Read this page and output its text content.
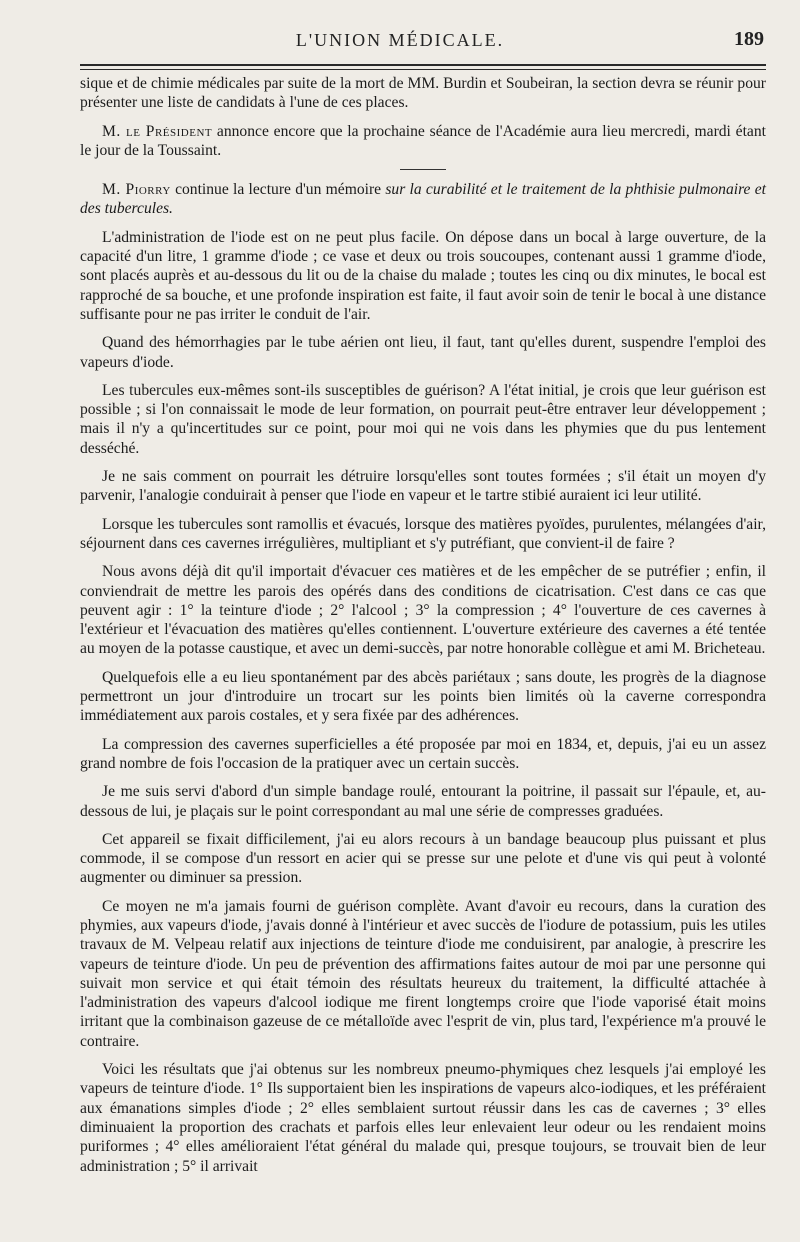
L'UNION MÉDICALE.	189

sique et de chimie médicales par suite de la mort de MM. Burdin et Soubeiran, la section devra se réunir pour présenter une liste de candidats à l'une de ces places.

M. le Président annonce encore que la prochaine séance de l'Académie aura lieu mercredi, mardi étant le jour de la Toussaint.

M. Piorry continue la lecture d'un mémoire sur la curabilité et le traitement de la phthisie pulmonaire et des tubercules.

L'administration de l'iode est on ne peut plus facile. On dépose dans un bocal à large ouverture, de la capacité d'un litre, 1 gramme d'iode ; ce vase et deux ou trois soucoupes, contenant aussi 1 gramme d'iode, sont placés auprès et au-dessous du lit ou de la chaise du malade ; toutes les cinq ou dix minutes, le bocal est rapproché de sa bouche, et une profonde inspiration est faite, il faut avoir soin de tenir le bocal à une distance suffisante pour ne pas irriter le conduit de l'air.

Quand des hémorrhagies par le tube aérien ont lieu, il faut, tant qu'elles durent, suspendre l'emploi des vapeurs d'iode.

Les tubercules eux-mêmes sont-ils susceptibles de guérison? A l'état initial, je crois que leur guérison est possible ; si l'on connaissait le mode de leur formation, on pourrait peut-être entraver leur développement ; mais il n'y a qu'incertitudes sur ce point, pour moi qui ne vois dans les phymies que du pus lentement desséché.

Je ne sais comment on pourrait les détruire lorsqu'elles sont toutes formées ; s'il était un moyen d'y parvenir, l'analogie conduirait à penser que l'iode en vapeur et le tartre stibié auraient ici leur utilité.

Lorsque les tubercules sont ramollis et évacués, lorsque des matières pyoïdes, purulentes, mélangées d'air, séjournent dans ces cavernes irrégulières, multipliant et s'y putréfiant, que convient-il de faire ?

Nous avons déjà dit qu'il importait d'évacuer ces matières et de les empêcher de se putréfier ; enfin, il conviendrait de mettre les parois des opérés dans des conditions de cicatrisation. C'est dans ce cas que peuvent agir : 1° la teinture d'iode ; 2° l'alcool ; 3° la compression ; 4° l'ouverture de ces cavernes à l'extérieur et l'évacuation des matières qu'elles contiennent. L'ouverture extérieure des cavernes a été tentée au moyen de la potasse caustique, et avec un demi-succès, par notre honorable collègue et ami M. Bricheteau.

Quelquefois elle a eu lieu spontanément par des abcès pariétaux ; sans doute, les progrès de la diagnose permettront un jour d'introduire un trocart sur les points bien limités où la caverne correspondra immédiatement aux parois costales, et y sera fixée par des adhérences.

La compression des cavernes superficielles a été proposée par moi en 1834, et, depuis, j'ai eu un assez grand nombre de fois l'occasion de la pratiquer avec un certain succès.

Je me suis servi d'abord d'un simple bandage roulé, entourant la poitrine, il passait sur l'épaule, et, au-dessous de lui, je plaçais sur le point correspondant au mal une série de compresses graduées.

Cet appareil se fixait difficilement, j'ai eu alors recours à un bandage beaucoup plus puissant et plus commode, il se compose d'un ressort en acier qui se presse sur une pelote et d'une vis qui peut à volonté augmenter ou diminuer sa pression.

Ce moyen ne m'a jamais fourni de guérison complète. Avant d'avoir eu recours, dans la curation des phymies, aux vapeurs d'iode, j'avais donné à l'intérieur et avec succès de l'iodure de potassium, puis les utiles travaux de M. Velpeau relatif aux injections de teinture d'iode me conduisirent, par analogie, à prescrire les vapeurs de teinture d'iode. Un peu de prévention des affirmations faites autour de moi par une personne qui suivait mon service et qui était témoin des résultats heureux du traitement, la difficulté attachée à l'administration des vapeurs d'alcool iodique me firent longtemps croire que l'iode vaporisé était moins irritant que la combinaison gazeuse de ce métalloïde avec l'esprit de vin, plus tard, l'expérience m'a prouvé le contraire.

Voici les résultats que j'ai obtenus sur les nombreux pneumo-phymiques chez lesquels j'ai employé les vapeurs de teinture d'iode. 1° Ils supportaient bien les inspirations de vapeurs alco-iodiques, et les préféraient aux émanations simples d'iode ; 2° elles semblaient surtout réussir dans les cas de cavernes ; 3° elles diminuaient la proportion des crachats et parfois elles leur enlevaient leur odeur ou les rendaient moins puriformes ; 4° elles amélioraient l'état général du malade qui, presque toujours, se trouvait bien de leur administration ; 5° il arrivait
